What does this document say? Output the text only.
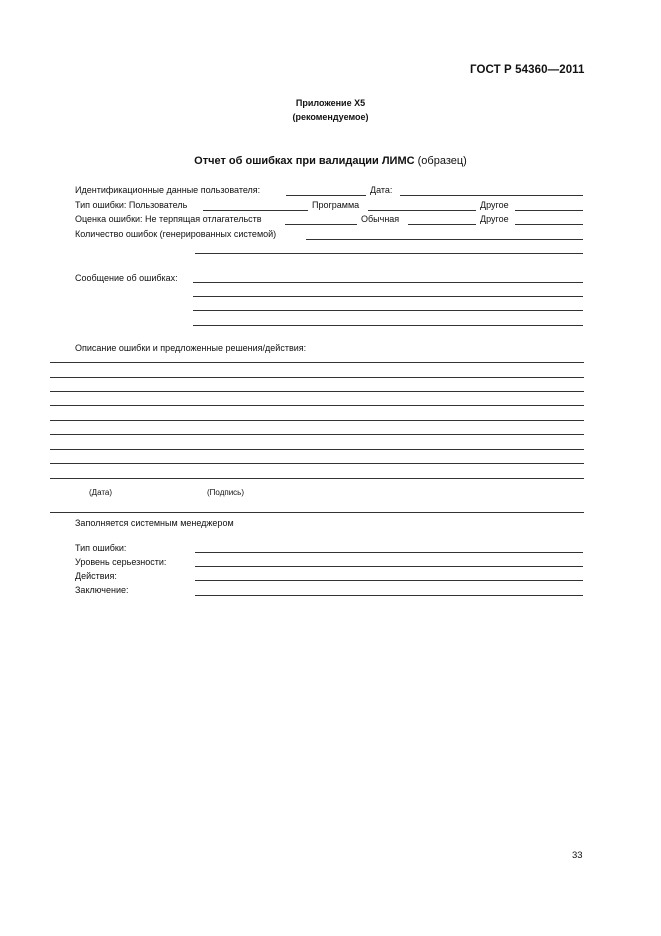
ГОСТ Р 54360—2011
Приложение Х5
(рекомендуемое)
Отчет об ошибках при валидации ЛИМС (образец)
Идентификационные данные пользователя:	Дата:
Тип ошибки: Пользователь	Программа	Другое
Оценка ошибки: Не терпящая отлагательств	Обычная	Другое
Количество ошибок (генерированных системой)
Сообщение об ошибках:
Описание ошибки и предложенные решения/действия:
(Дата)	(Подпись)
Заполняется системным менеджером
Тип ошибки:
Уровень серьезности:
Действия:
Заключение:
33
